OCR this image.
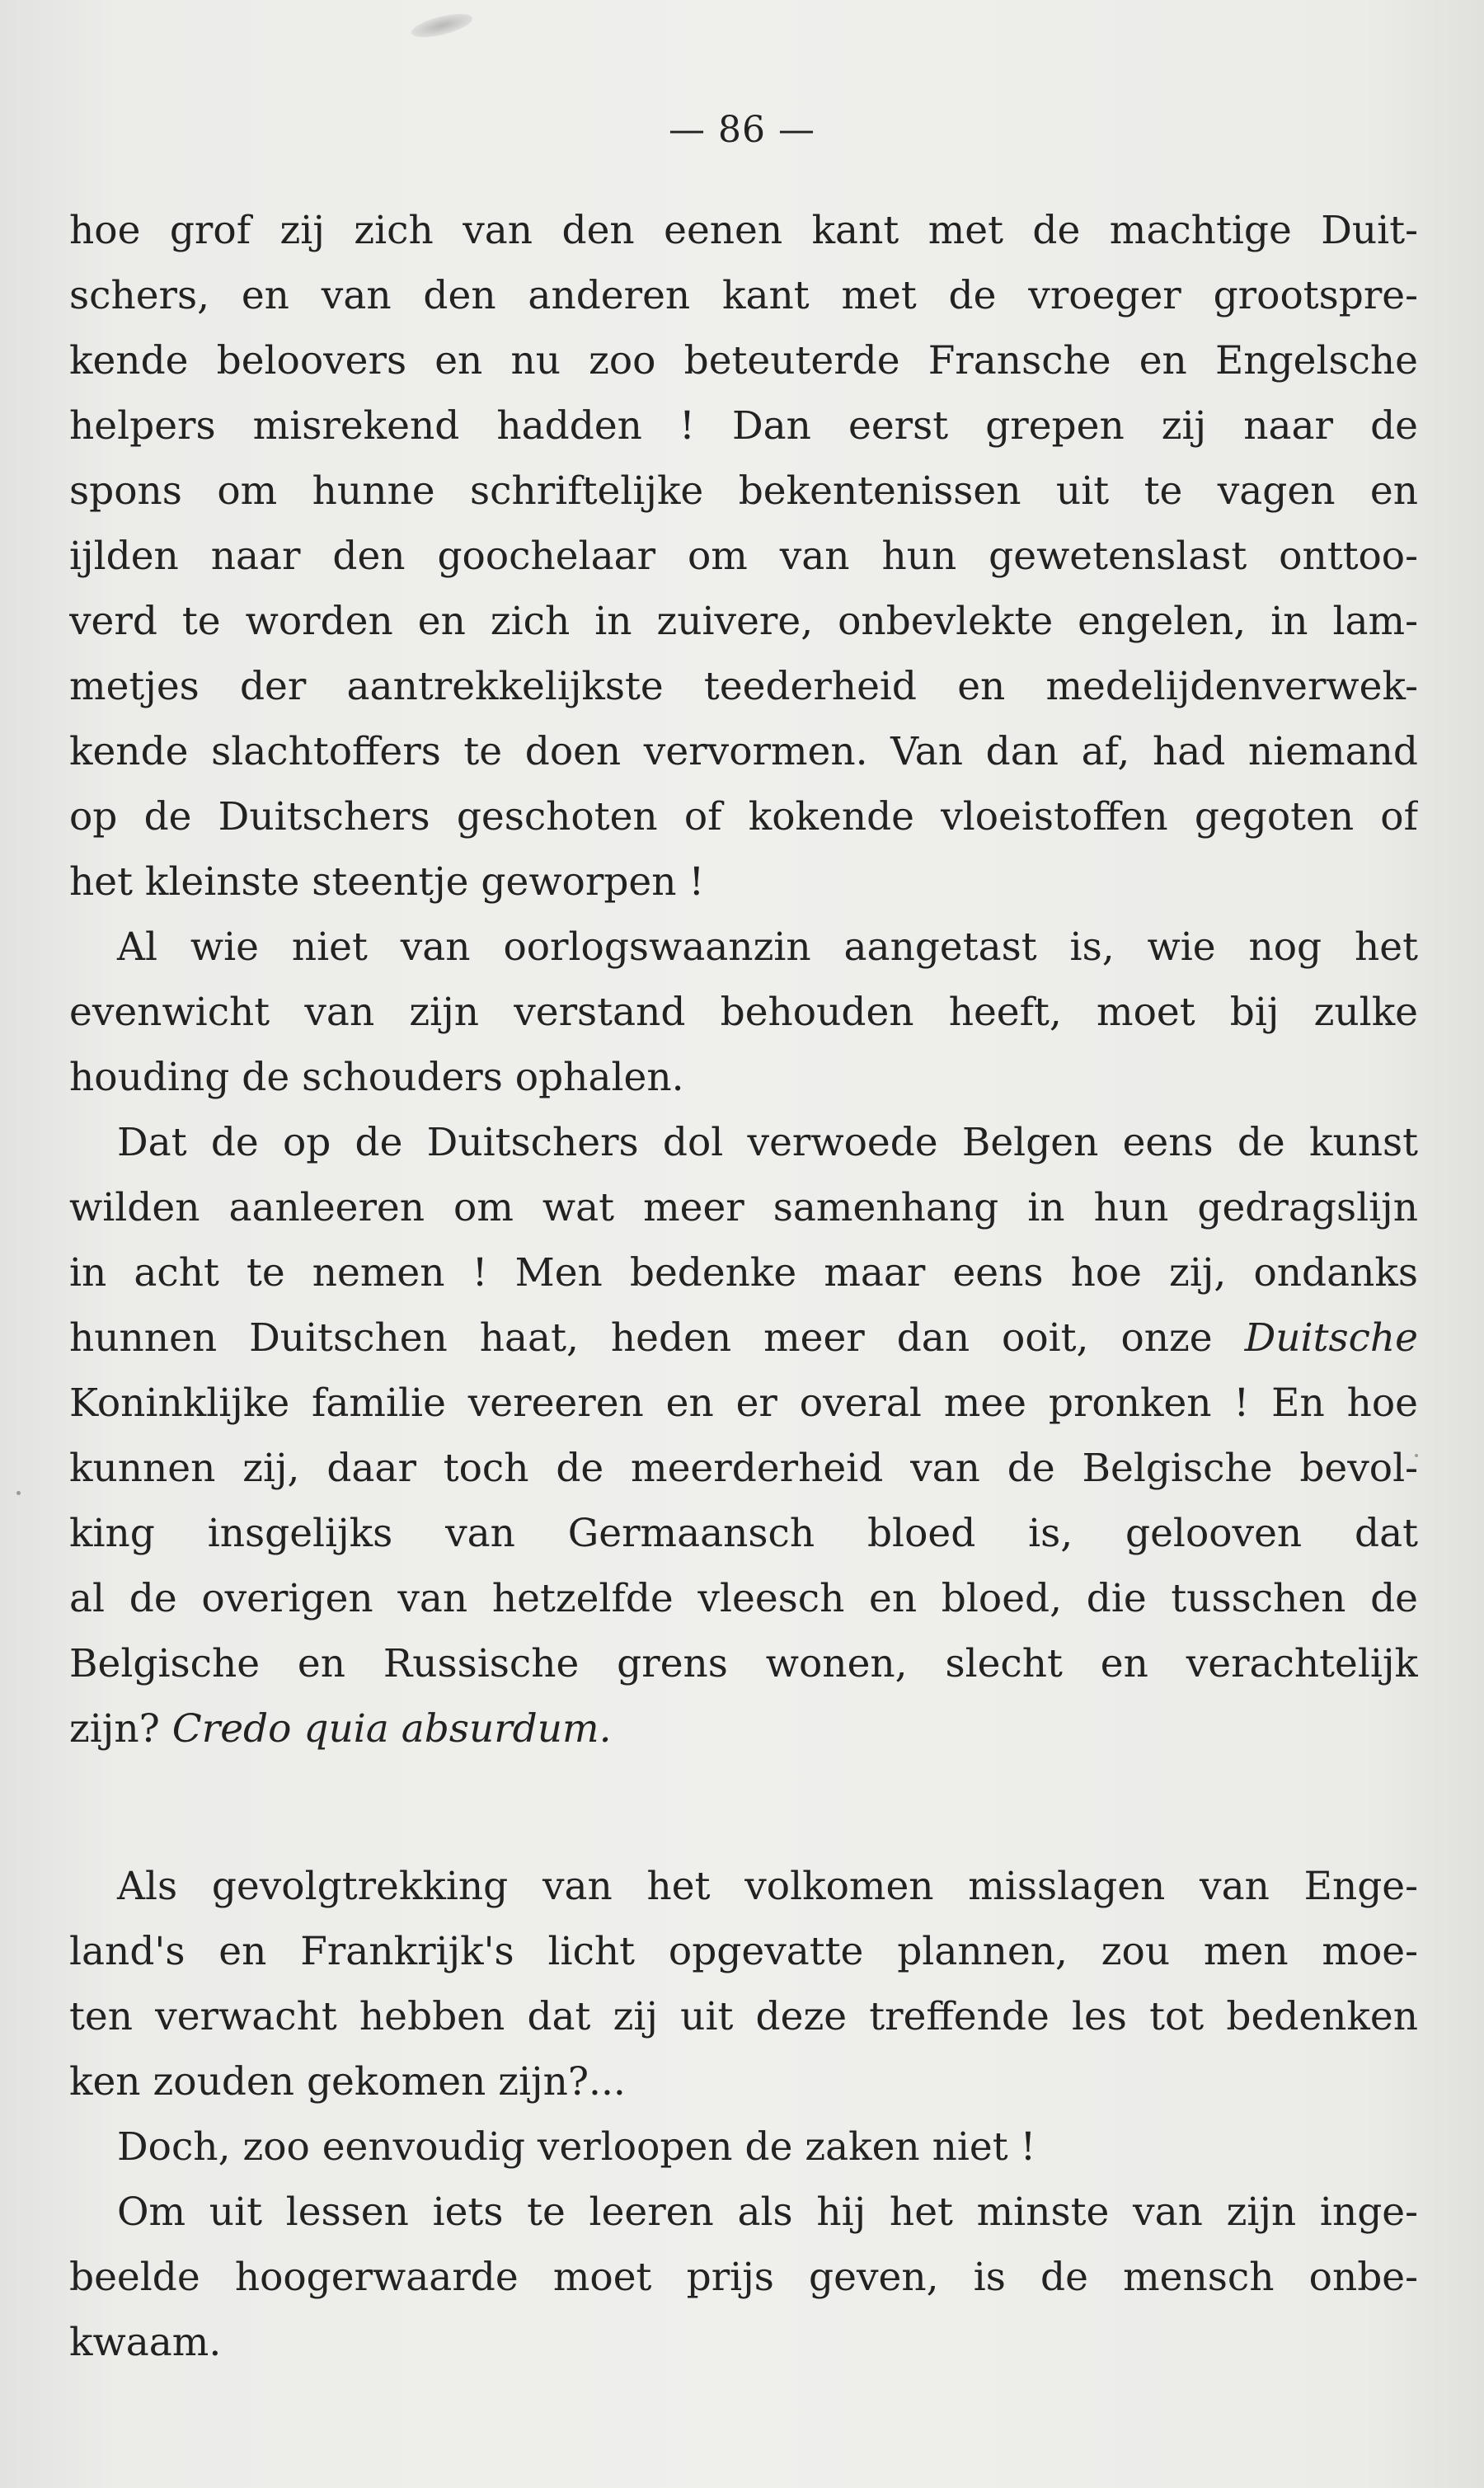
— 86 —
hoe grof zij zich van den eenen kant met de machtige Duit-
schers, en van den anderen kant met de vroeger grootspre-
kende beloovers en nu zoo beteuterde Fransche en Engelsche
helpers misrekend hadden ! Dan eerst grepen zij naar de
spons om hunne schriftelijke bekentenissen uit te vagen en
ijlden naar den goochelaar om van hun gewetenslast onttoo-
verd te worden en zich in zuivere, onbevlekte engelen, in lam-
metjes der aantrekkelijkste teederheid en medelijdenverwek-
kende slachtoffers te doen vervormen. Van dan af, had niemand
op de Duitschers geschoten of kokende vloeistoffen gegoten of
het kleinste steentje geworpen !
Al wie niet van oorlogswaanzin aangetast is, wie nog het
evenwicht van zijn verstand behouden heeft, moet bij zulke
houding de schouders ophalen.
Dat de op de Duitschers dol verwoede Belgen eens de kunst
wilden aanleeren om wat meer samenhang in hun gedragslijn
in acht te nemen ! Men bedenke maar eens hoe zij, ondanks
hunnen Duitschen haat, heden meer dan ooit, onze Duitsche
Koninklijke familie vereeren en er overal mee pronken ! En hoe
kunnen zij, daar toch de meerderheid van de Belgische bevol-
king insgelijks van Germaansch bloed is, gelooven dat
al de overigen van hetzelfde vleesch en bloed, die tusschen de
Belgische en Russische grens wonen, slecht en verachtelijk
zijn? Credo quia absurdum.
Als gevolgtrekking van het volkomen misslagen van Enge-
land's en Frankrijk's licht opgevatte plannen, zou men moe-
ten verwacht hebben dat zij uit deze treffende les tot bedenken
ken zouden gekomen zijn?...
Doch, zoo eenvoudig verloopen de zaken niet !
Om uit lessen iets te leeren als hij het minste van zijn inge-
beelde hoogerwaarde moet prijs geven, is de mensch onbe-
kwaam.
